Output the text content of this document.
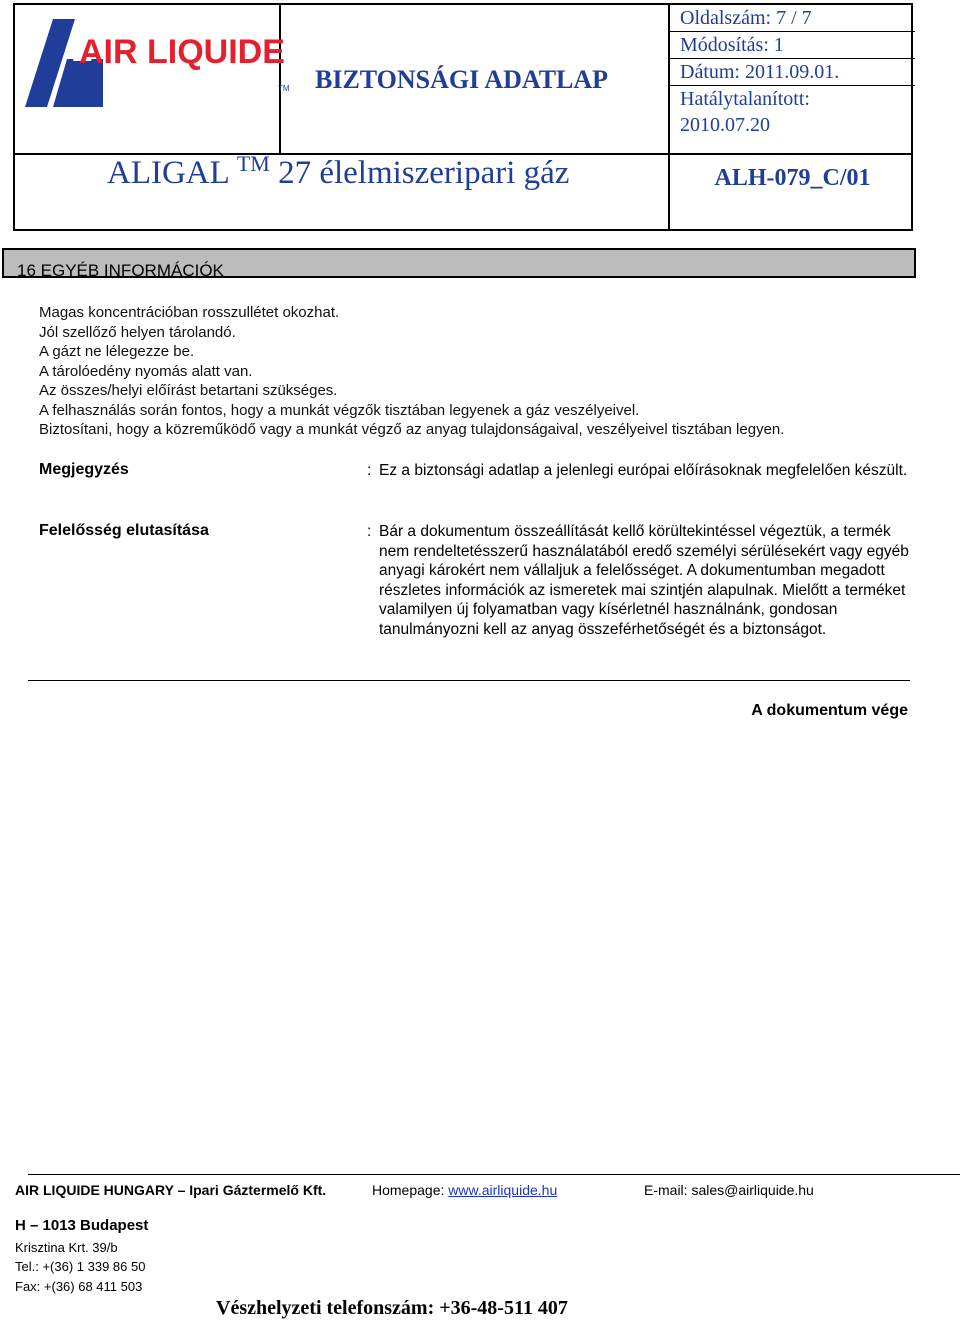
AIR LIQUIDE
TM BIZTONSÁGI ADATLAP
Oldalszám: 7 / 7
Módosítás: 1
Dátum: 2011.09.01.
Hatálytalanított:
2010.07.20
ALIGAL ™ 27 élelmiszeripari gáz	ALH-079_C/01
16 EGYÉB INFORMÁCIÓK
Magas koncentrációban rosszullétet okozhat.
Jól szellőző helyen tárolandó.
A gázt ne lélegezze be.
A tárolóedény nyomás alatt van.
Az összes/helyi előírást betartani szükséges.
A felhasználás során fontos, hogy a munkát végzők tisztában legyenek a gáz veszélyeivel.
Biztosítani, hogy a közreműködő vagy a munkát végző az anyag tulajdonságaival, veszélyeivel tisztában legyen.
Megjegyzés	: Ez a biztonsági adatlap a jelenlegi európai előírásoknak megfelelően készült.
Felelősség elutasítása	: Bár a dokumentum összeállítását kellő körültekintéssel végeztük, a termék nem rendeltetésszerű használatából eredő személyi sérülésekért vagy egyéb anyagi károkért nem vállaljuk a felelősséget. A dokumentumban megadott részletes információk az ismeretek mai szintjén alapulnak. Mielőtt a terméket valamilyen új folyamatban vagy kísérletnél használnánk, gondosan tanulmányozni kell az anyag összeférhetőségét és a biztonságot.
A dokumentum vége
AIR LIQUIDE HUNGARY – Ipari Gáztermelő Kft.	Homepage: www.airliquide.hu	E-mail: sales@airliquide.hu
H – 1013 Budapest
Krisztina Krt. 39/b
Tel.: +(36) 1 339 86 50
Fax: +(36) 68 411 503
Vészhelyzeti telefonszám: +36-48-511 407
